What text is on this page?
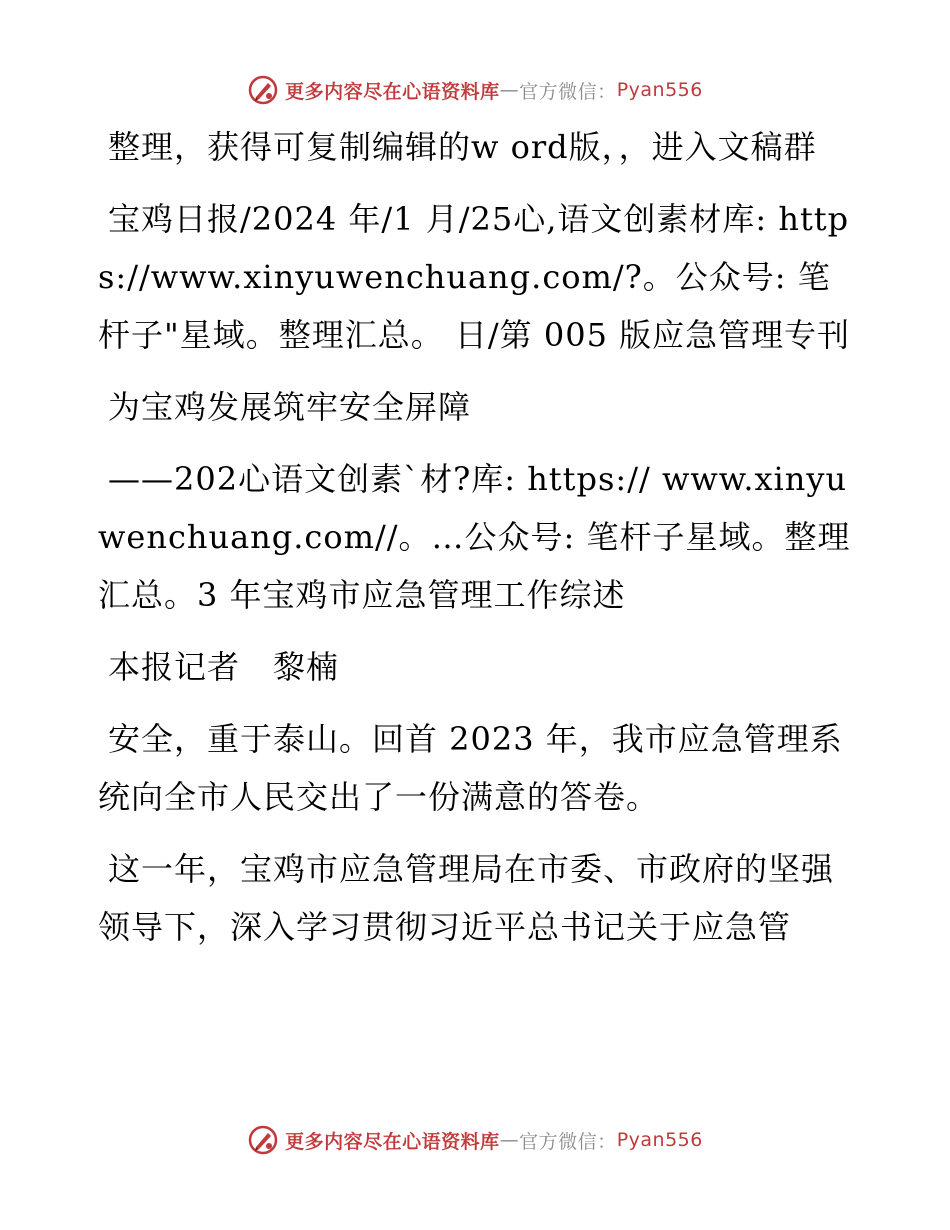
更多内容尽在心语资料库 — 官方微信： Pyan556

整理，获得可复制编辑的w ord版，，进入文稿群

宝鸡日报/2024 年/1 月/25心,语文创素材库: https://www.xinyuwenchuang.com/?。公众号: 笔杆子"星域。整理汇总。 日/第 005 版应急管理专刊

为宝鸡发展筑牢安全屏障

——202心语文创素`材?库: https:// www.xinyuwenchuang.com//。…公众号: 笔杆子星域。整理汇总。3 年宝鸡市应急管理工作综述

本报记者　黎楠

安全，重于泰山。回首 2023 年，我市应急管理系统向全市人民交出了一份满意的答卷。

这一年，宝鸡市应急管理局在市委、市政府的坚强领导下，深入学习贯彻习近平总书记关于应急管

更多内容尽在心语资料库 — 官方微信： Pyan556
